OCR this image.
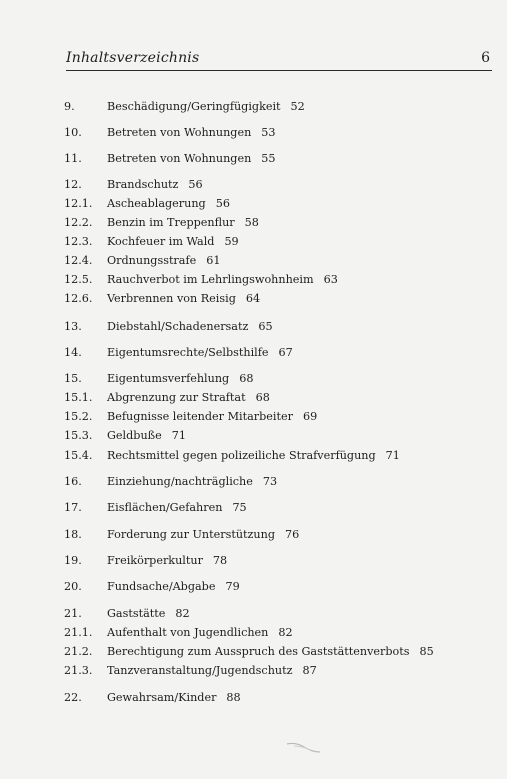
Inhaltsverzeichnis	6
9.	Beschädigung/Geringfügigkeit 52
10. Betreten von Wohnungen 53
11. Betreten von Wohnungen 55
12. Brandschutz 56
12.1. Ascheablagerung 56
12.2. Benzin im Treppenflur 58
12.3. Kochfeuer im Wald 59
12.4. Ordnungsstrafe 61
12.5. Rauchverbot im Lehrlingswohnheim 63
12.6. Verbrennen von Reisig 64
13. Diebstahl/Schadenersatz 65
14. Eigentumsrechte/Selbsthilfe 67
15. Eigentumsverfehlung 68
15.1. Abgrenzung zur Straftat 68
15.2. Befugnisse leitender Mitarbeiter 69
15.3. Geldbuße 71
15.4. Rechtsmittel gegen polizeiliche Strafverfügung 71
16. Einziehung/nachträgliche 73
17. Eisflächen/Gefahren 75
18. Forderung zur Unterstützung 76
19. Freikörperkultur 78
20. Fundsache/Abgabe 79
21. Gaststätte 82
21.1. Aufenthalt von Jugendlichen 82
21.2. Berechtigung zum Ausspruch des Gaststättenverbots 85
21.3. Tanzveranstaltung/Jugendschutz 87
22. Gewahrsam/Kinder 88
